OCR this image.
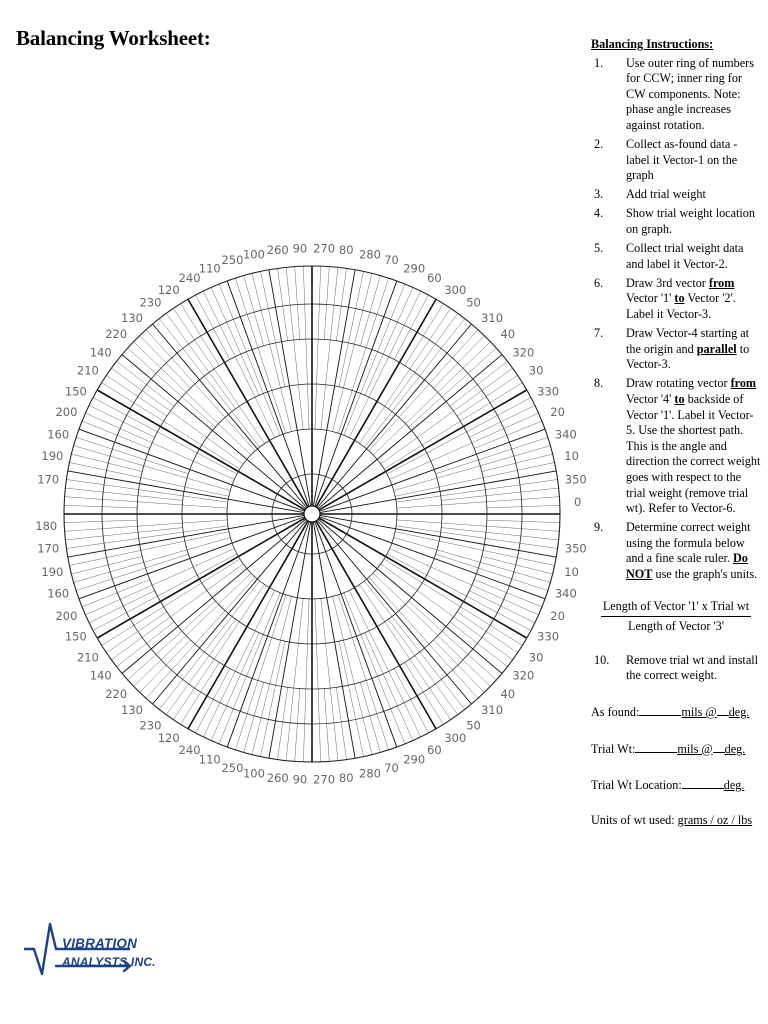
Balancing Worksheet:
0
10
350
20
340
30
330
40
320
50
310
60
300
70
290
80 280
90 270
100 260
110
250
120
240
130
230
140
220
150
210
160
200
170
190
180
190
170
200
160
210
150
220
140
230
130
240
120
250
110
260
100	270
90	280
80
290
70
300
60
310
50
320
40
330
30
340
20
350
10
Balancing Instructions:
1.	Use outer ring of numbers for CCW; inner ring for CW components. Note: phase angle increases against rotation.
2.	Collect as-found data - label it Vector-1 on the graph
3.	Add trial weight
4.	Show trial weight location on graph.
5.	Collect trial weight data and label it Vector-2.
6.	Draw 3rd vector from Vector '1' to Vector '2'. Label it Vector-3.
7.	Draw Vector-4 starting at the origin and parallel to Vector-3.
8.	Draw rotating vector from Vector '4' to backside of Vector '1'. Label it Vector-5. Use the shortest path. This is the angle and direction the correct weight goes with respect to the trial weight (remove trial wt). Refer to Vector-6.
9.	Determine correct weight using the formula below and a fine scale ruler. Do NOT use the graph's units.
Length of Vector '1' x Trial wt
Length of Vector '3'
10.	Remove trial wt and install the correct weight.
As found:	mils @ deg.
Trial Wt:	mils @ deg.
Trial Wt Location:	deg.
Units of wt used: grams / oz / lbs
VIBRATION
ANALYSTS INC.
